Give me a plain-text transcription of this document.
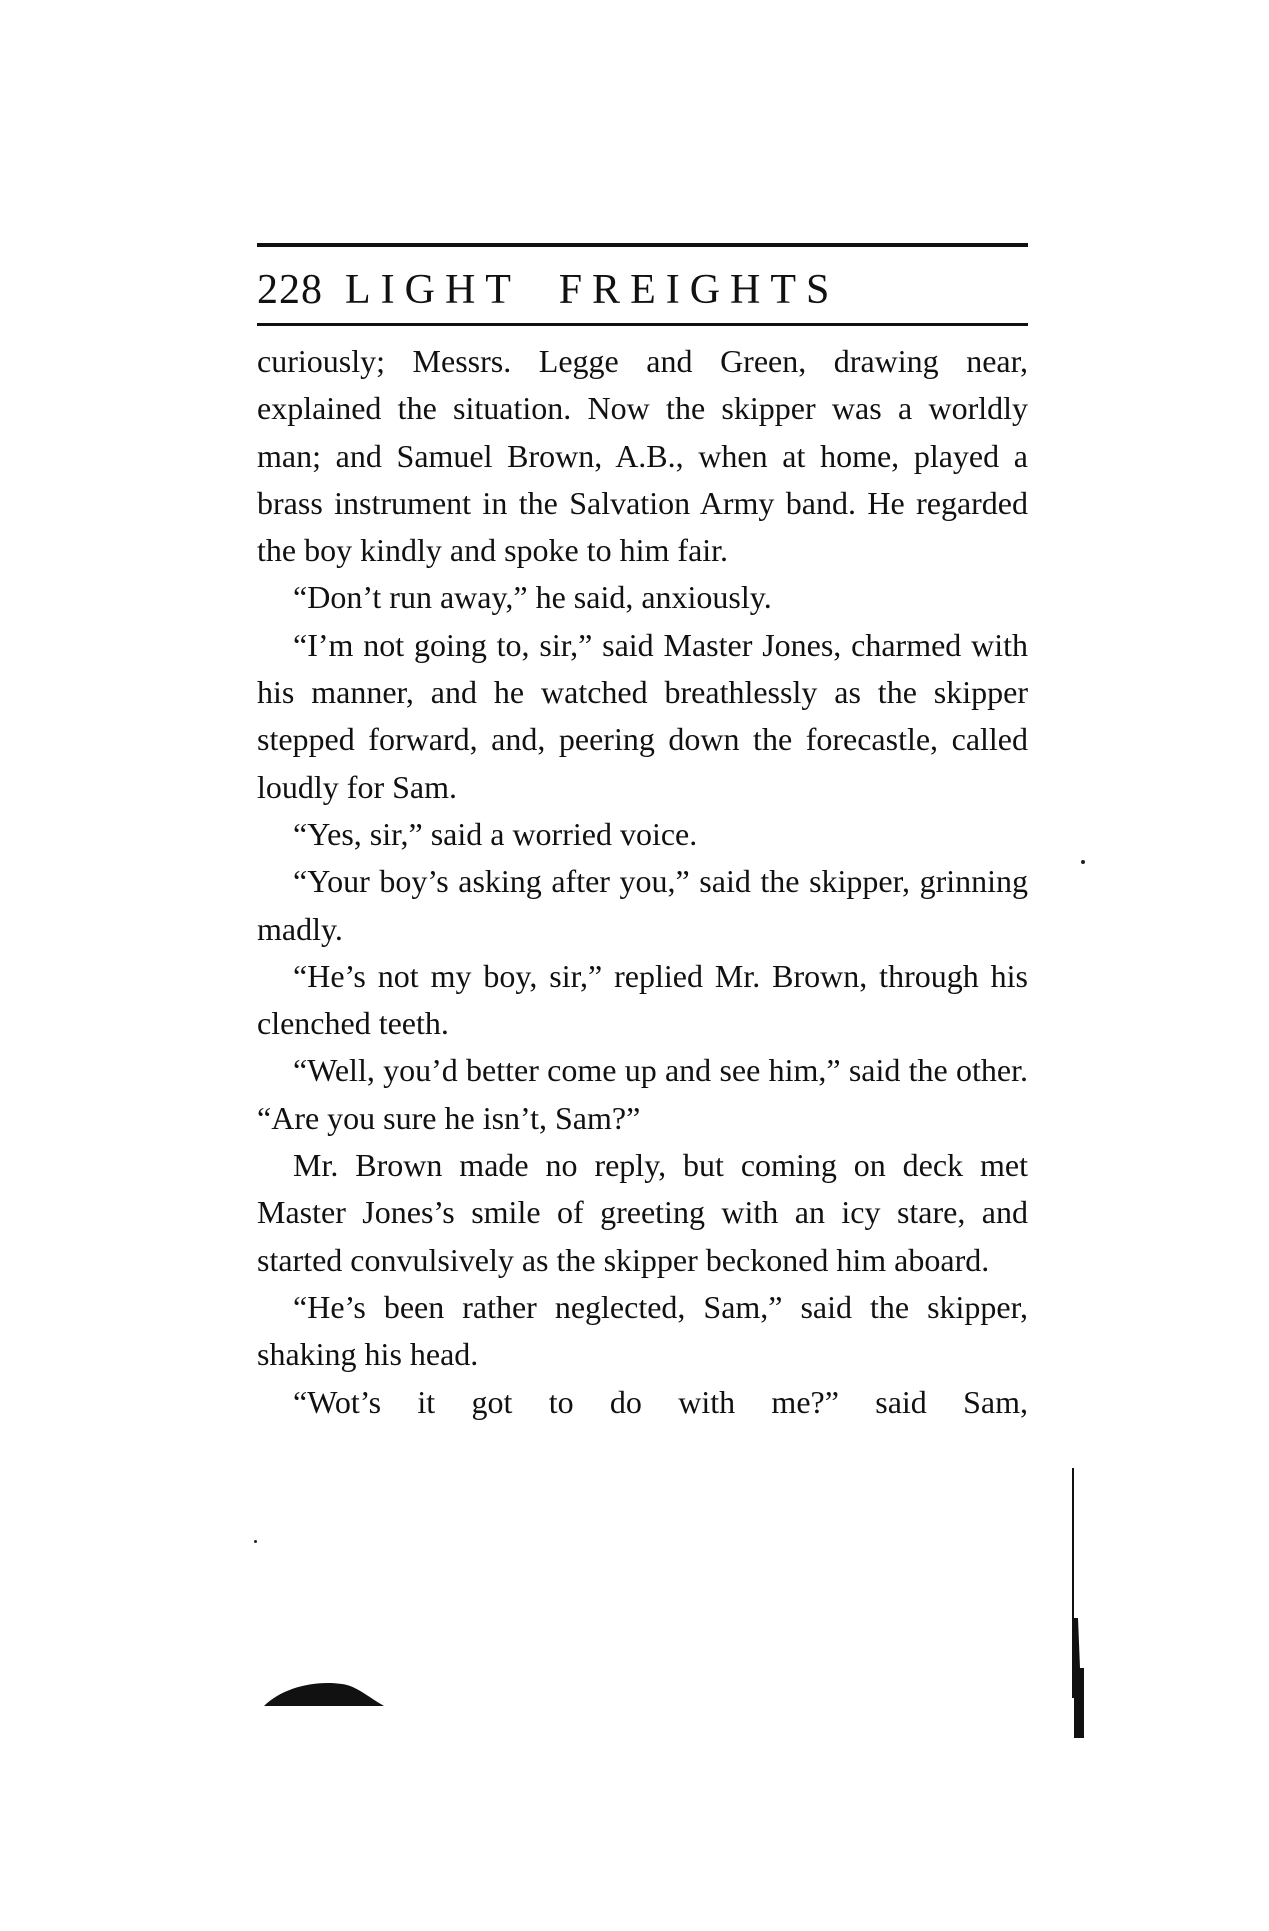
228 LIGHT FREIGHTS

curiously; Messrs. Legge and Green, drawing near, explained the situation. Now the skipper was a worldly man; and Samuel Brown, A.B., when at home, played a brass instrument in the Salvation Army band. He regarded the boy kindly and spoke to him fair.

“Don’t run away,” he said, anxiously.

“I’m not going to, sir,” said Master Jones, charmed with his manner, and he watched breathlessly as the skipper stepped forward, and, peering down the forecastle, called loudly for Sam.

“Yes, sir,” said a worried voice.

“Your boy’s asking after you,” said the skipper, grinning madly.

“He’s not my boy, sir,” replied Mr. Brown, through his clenched teeth.

“Well, you’d better come up and see him,” said the other. “Are you sure he isn’t, Sam?”

Mr. Brown made no reply, but coming on deck met Master Jones’s smile of greeting with an icy stare, and started convulsively as the skipper beckoned him aboard.

“He’s been rather neglected, Sam,” said the skipper, shaking his head.

“Wot’s it got to do with me?” said Sam,
